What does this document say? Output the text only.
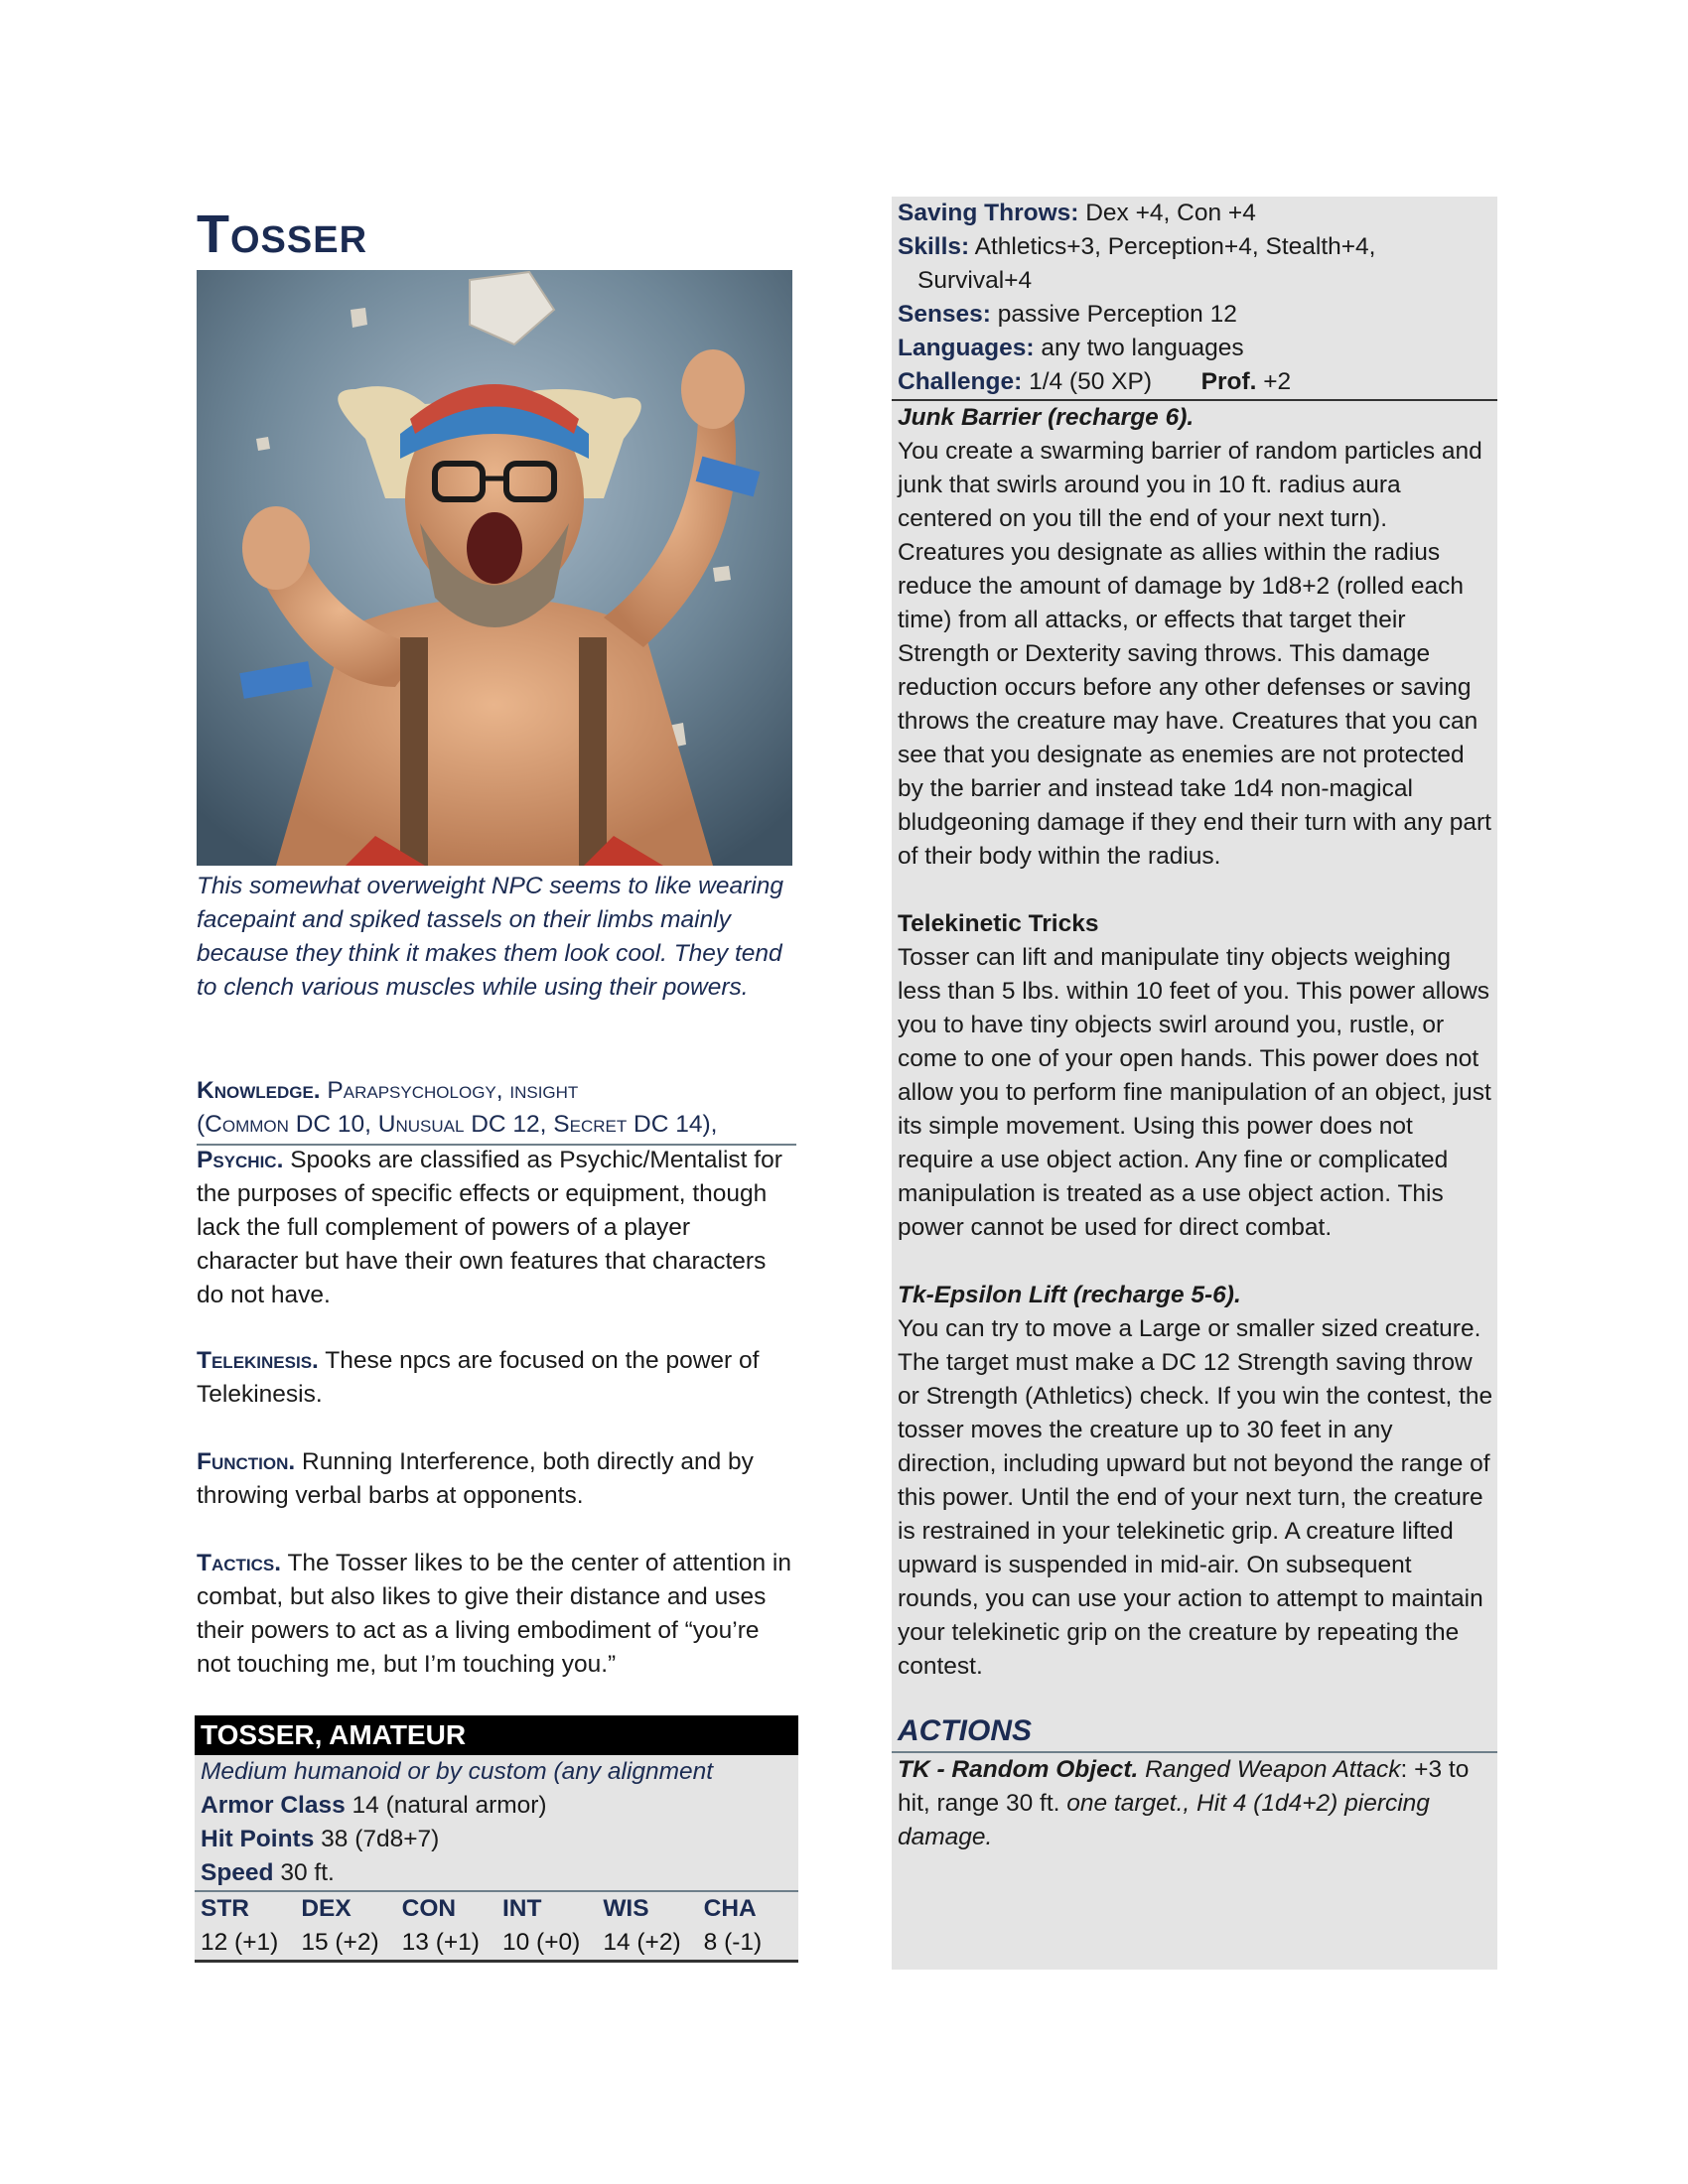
Tosser
This somewhat overweight NPC seems to like wearing facepaint and spiked tassels on their limbs mainly because they think it makes them look cool. They tend to clench various muscles while using their powers.
Knowledge. Parapsychology, insight
(Common DC 10, Unusual DC 12, Secret DC 14),
Psychic. Spooks are classified as Psychic/Mentalist for the purposes of specific effects or equipment, though lack the full complement of powers of a player character but have their own features that characters do not have.
Telekinesis. These npcs are focused on the power of Telekinesis.
Function. Running Interference, both directly and by throwing verbal barbs at opponents.
Tactics. The Tosser likes to be the center of attention in combat, but also likes to give their distance and uses their powers to act as a living embodiment of “you’re not touching me, but I’m touching you.”
TOSSER, AMATEUR
Medium humanoid or by custom (any alignment
Armor Class 14 (natural armor)
Hit Points 38 (7d8+7)
Speed 30 ft.
STR	DEX	CON	INT	WIS	CHA
12 (+1)	15 (+2)	13 (+1)	10 (+0)	14 (+2)	8 (-1)
Saving Throws: Dex +4, Con +4
Skills: Athletics+3, Perception+4, Stealth+4,
Survival+4
Senses: passive Perception 12
Languages: any two languages
Challenge: 1/4 (50 XP) Prof. +2
Junk Barrier (recharge 6).
You create a swarming barrier of random particles and junk that swirls around you in 10 ft. radius aura centered on you till the end of your next turn). Creatures you designate as allies within the radius reduce the amount of damage by 1d8+2 (rolled each time) from all attacks, or effects that target their Strength or Dexterity saving throws. This damage reduction occurs before any other defenses or saving throws the creature may have. Creatures that you can see that you designate as enemies are not protected by the barrier and instead take 1d4 non-magical bludgeoning damage if they end their turn with any part of their body within the radius.
Telekinetic Tricks
Tosser can lift and manipulate tiny objects weighing less than 5 lbs. within 10 feet of you. This power allows you to have tiny objects swirl around you, rustle, or come to one of your open hands. This power does not allow you to perform fine manipulation of an object, just its simple movement. Using this power does not require a use object action. Any fine or complicated manipulation is treated as a use object action. This power cannot be used for direct combat.
Tk-Epsilon Lift (recharge 5-6).
You can try to move a Large or smaller sized creature. The target must make a DC 12 Strength saving throw or Strength (Athletics) check. If you win the contest, the tosser moves the creature up to 30 feet in any direction, including upward but not beyond the range of this power. Until the end of your next turn, the creature is restrained in your telekinetic grip. A creature lifted upward is suspended in mid-air. On subsequent rounds, you can use your action to attempt to maintain your telekinetic grip on the creature by repeating the contest.
ACTIONS
TK - Random Object. Ranged Weapon Attack: +3 to hit, range 30 ft. one target., Hit 4 (1d4+2) piercing damage.
